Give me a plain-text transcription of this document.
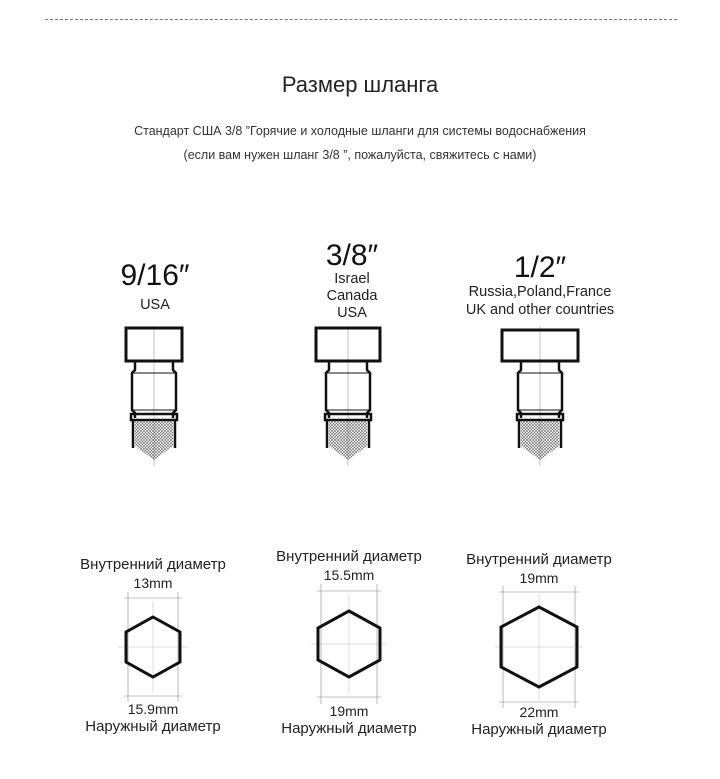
Размер шланга
Стандарт США 3/8 ”Горячие и холодные шланги для системы водоснабжения
(если вам нужен шланг 3/8 ”, пожалуйста, свяжитесь с нами)
9/16″
USA
3/8″
Israel
Canada
USA
1/2″
Russia,Poland,France
UK and other countries
Внутренний диаметр
13mm
15.9mm
Наружный диаметр
Внутренний диаметр
15.5mm
19mm
Наружный диаметр
Внутренний диаметр
19mm
22mm
Наружный диаметр
